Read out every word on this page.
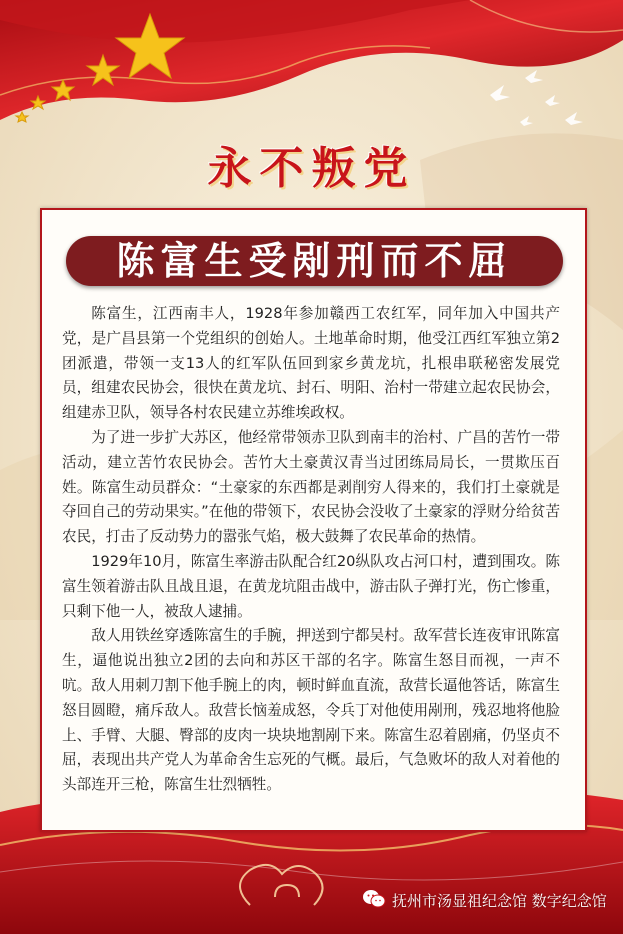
永不叛党
陈富生受剐刑而不屈

陈富生，江西南丰人，1928年参加赣西工农红军，同年加入中国共产党，是广昌县第一个党组织的创始人。土地革命时期，他受江西红军独立第2团派遣，带领一支13人的红军队伍回到家乡黄龙坑，扎根串联秘密发展党员，组建农民协会，很快在黄龙坑、封石、明阳、治村一带建立起农民协会，组建赤卫队，领导各村农民建立苏维埃政权。

为了进一步扩大苏区，他经常带领赤卫队到南丰的治村、广昌的苦竹一带活动，建立苦竹农民协会。苦竹大土豪黄汉青当过团练局局长，一贯欺压百姓。陈富生动员群众：“土豪家的东西都是剥削穷人得来的，我们打土豪就是夺回自己的劳动果实。”在他的带领下，农民协会没收了土豪家的浮财分给贫苦农民，打击了反动势力的嚣张气焰，极大鼓舞了农民革命的热情。

1929年10月，陈富生率游击队配合红20纵队攻占河口村，遭到围攻。陈富生领着游击队且战且退，在黄龙坑阻击战中，游击队子弹打光，伤亡惨重，只剩下他一人，被敌人逮捕。

敌人用铁丝穿透陈富生的手腕，押送到宁都吴村。敌军营长连夜审讯陈富生，逼他说出独立2团的去向和苏区干部的名字。陈富生怒目而视，一声不吭。敌人用刺刀割下他手腕上的肉，顿时鲜血直流，敌营长逼他答话，陈富生怒目圆瞪，痛斥敌人。敌营长恼羞成怒，令兵丁对他使用剐刑，残忍地将他脸上、手臂、大腿、臀部的皮肉一块块地割剐下来。陈富生忍着剧痛，仍坚贞不屈，表现出共产党人为革命舍生忘死的气概。最后，气急败坏的敌人对着他的头部连开三枪，陈富生壮烈牺牲。

抚州市汤显祖纪念馆 数字纪念馆
